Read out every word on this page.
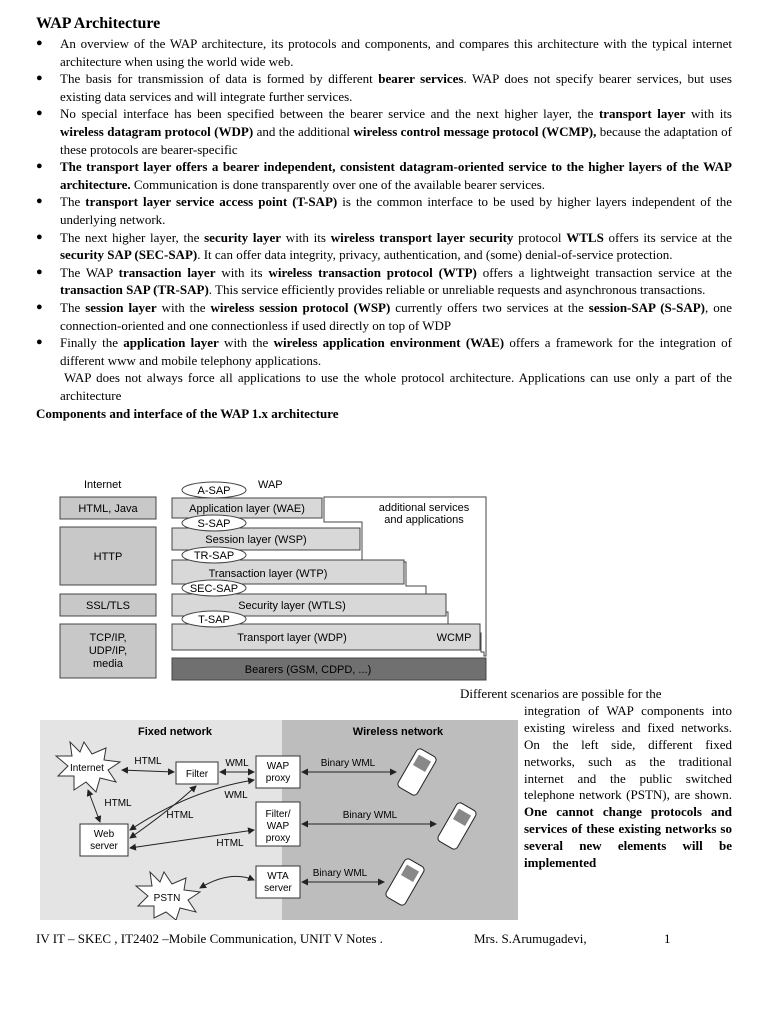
WAP Architecture
● An overview of the WAP architecture, its protocols and components, and compares this architecture with the typical internet architecture when using the world wide web.
● The basis for transmission of data is formed by different bearer services. WAP does not specify bearer services, but uses existing data services and will integrate further services.
● No special interface has been specified between the bearer service and the next higher layer, the transport layer with its wireless datagram protocol (WDP) and the additional wireless control message protocol (WCMP), because the adaptation of these protocols are bearer-specific
● The transport layer offers a bearer independent, consistent datagram-oriented service to the higher layers of the WAP architecture. Communication is done transparently over one of the available bearer services.
● The transport layer service access point (T-SAP) is the common interface to be used by higher layers independent of the underlying network.
● The next higher layer, the security layer with its wireless transport layer security protocol WTLS offers its service at the security SAP (SEC-SAP). It can offer data integrity, privacy, authentication, and (some) denial-of-service protection.
● The WAP transaction layer with its wireless transaction protocol (WTP) offers a lightweight transaction service at the transaction SAP (TR-SAP). This service efficiently provides reliable or unreliable requests and asynchronous transactions.
● The session layer with the wireless session protocol (WSP) currently offers two services at the session-SAP (S-SAP), one connection-oriented and one connectionless if used directly on top of WDP
● Finally the application layer with the wireless application environment (WAE) offers a framework for the integration of different www and mobile telephony applications.
WAP does not always force all applications to use the whole protocol architecture. Applications can use only a part of the architecture
Components and interface of the WAP 1.x architecture
Internet	WAP
HTML, Java
HTTP
SSL/TLS
TCP/IP,
UDP/IP,
media
additional services
and applications
Application layer (WAE)
Session layer (WSP)
Transaction layer (WTP)
Security layer (WTLS)
Transport layer (WDP)	WCMP
Bearers (GSM, CDPD, ...)
A-SAP
S-SAP
TR-SAP
SEC-SAP
T-SAP
Fixed network	Wireless network
Internet
PSTN
Filter
WAP
proxy
Web
server
Filter/
WAP
proxy
WTA
server
HTML	WML
HTML
WML
HTML
HTML
Binary WML
Binary WML
Binary WML
Different scenarios are possible for the
integration of WAP components into existing wireless and fixed networks. On the left side, different fixed networks, such as the traditional internet and the public switched telephone network (PSTN), are shown. One cannot change protocols and services of these existing networks so several new elements will be implemented
IV IT – SKEC , IT2402 –Mobile Communication, UNIT V Notes .	Mrs. S.Arumugadevi,	1
